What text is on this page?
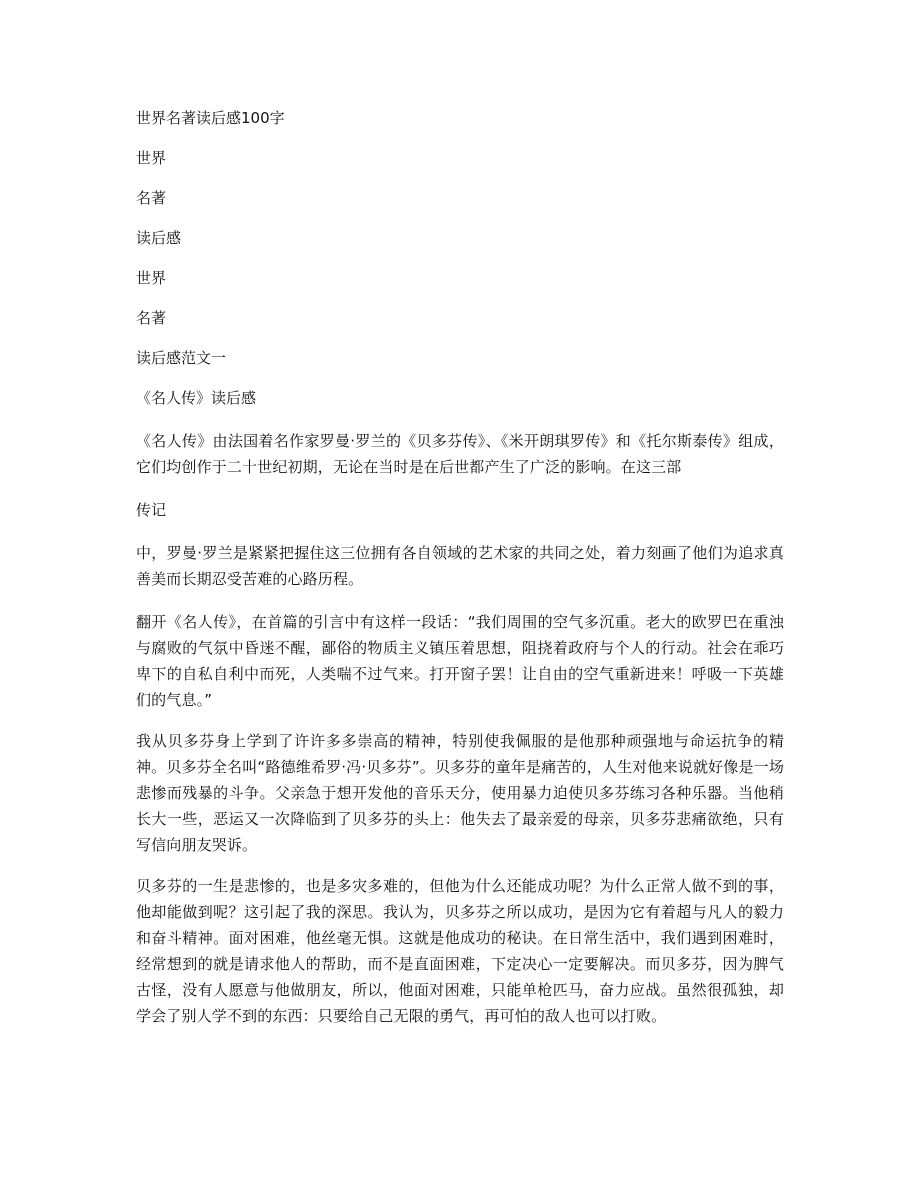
世界名著读后感100字
世界
名著
读后感
世界
名著
读后感范文一
《名人传》读后感
《名人传》由法国着名作家罗曼·罗兰的《贝多芬传》、《米开朗琪罗传》和《托尔斯泰传》组成，它们均创作于二十世纪初期，无论在当时是在后世都产生了广泛的影响。在这三部
传记
中，罗曼·罗兰是紧紧把握住这三位拥有各自领域的艺术家的共同之处，着力刻画了他们为追求真善美而长期忍受苦难的心路历程。
翻开《名人传》，在首篇的引言中有这样一段话：“我们周围的空气多沉重。老大的欧罗巴在重浊与腐败的气氛中昏迷不醒，鄙俗的物质主义镇压着思想，阻挠着政府与个人的行动。社会在乖巧卑下的自私自利中而死，人类喘不过气来。打开窗子罢！让自由的空气重新进来！呼吸一下英雄们的气息。”
我从贝多芬身上学到了许许多多崇高的精神，特别使我佩服的是他那种顽强地与命运抗争的精神。贝多芬全名叫“路德维希罗·冯·贝多芬”。贝多芬的童年是痛苦的，人生对他来说就好像是一场悲惨而残暴的斗争。父亲急于想开发他的音乐天分，使用暴力迫使贝多芬练习各种乐器。当他稍长大一些，恶运又一次降临到了贝多芬的头上：他失去了最亲爱的母亲，贝多芬悲痛欲绝，只有写信向朋友哭诉。
贝多芬的一生是悲惨的，也是多灾多难的，但他为什么还能成功呢？为什么正常人做不到的事，他却能做到呢？这引起了我的深思。我认为，贝多芬之所以成功，是因为它有着超与凡人的毅力和奋斗精神。面对困难，他丝毫无惧。这就是他成功的秘诀。在日常生活中，我们遇到困难时，经常想到的就是请求他人的帮助，而不是直面困难，下定决心一定要解决。而贝多芬，因为脾气古怪，没有人愿意与他做朋友，所以，他面对困难，只能单枪匹马，奋力应战。虽然很孤独，却学会了别人学不到的东西：只要给自己无限的勇气，再可怕的敌人也可以打败。
